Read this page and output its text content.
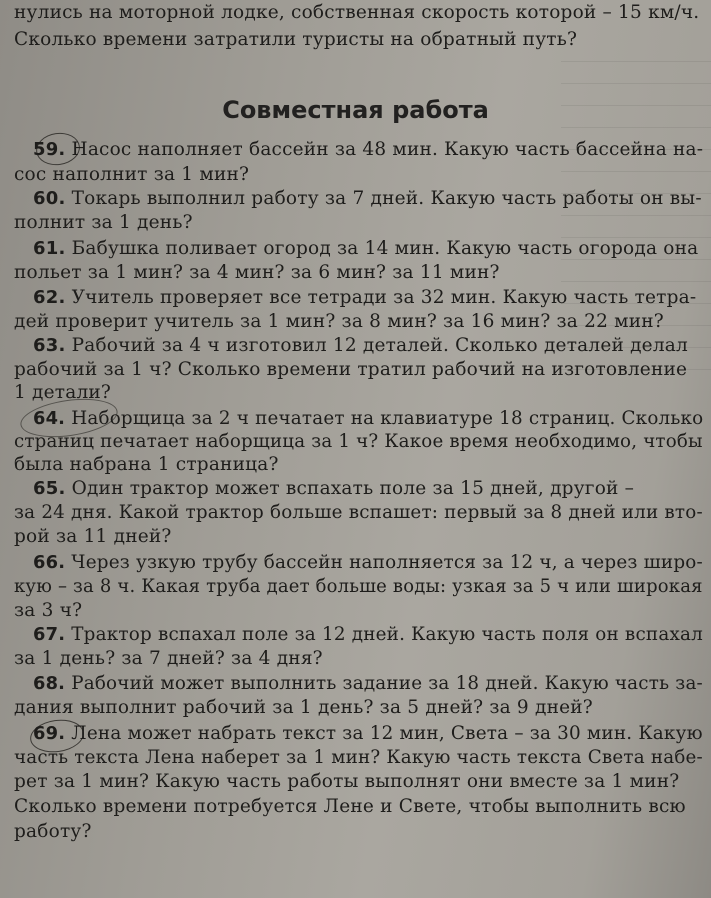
нулись на моторной лодке, собственная скорость которой – 15 км/ч.
Сколько времени затратили туристы на обратный путь?
Совместная работа
59. Насос наполняет бассейн за 48 мин. Какую часть бассейна на-
сос наполнит за 1 мин?
60. Токарь выполнил работу за 7 дней. Какую часть работы он вы-
полнит за 1 день?
61. Бабушка поливает огород за 14 мин. Какую часть огорода она
польет за 1 мин? за 4 мин? за 6 мин? за 11 мин?
62. Учитель проверяет все тетради за 32 мин. Какую часть тетра-
дей проверит учитель за 1 мин? за 8 мин? за 16 мин? за 22 мин?
63. Рабочий за 4 ч изготовил 12 деталей. Сколько деталей делал
рабочий за 1 ч? Сколько времени тратил рабочий на изготовление
1 детали?
64. Наборщица за 2 ч печатает на клавиатуре 18 страниц. Сколько
страниц печатает наборщица за 1 ч? Какое время необходимо, чтобы
была набрана 1 страница?
65. Один трактор может вспахать поле за 15 дней, другой –
за 24 дня. Какой трактор больше вспашет: первый за 8 дней или вто-
рой за 11 дней?
66. Через узкую трубу бассейн наполняется за 12 ч, а через широ-
кую – за 8 ч. Какая труба дает больше воды: узкая за 5 ч или широкая
за 3 ч?
67. Трактор вспахал поле за 12 дней. Какую часть поля он вспахал
за 1 день? за 7 дней? за 4 дня?
68. Рабочий может выполнить задание за 18 дней. Какую часть за-
дания выполнит рабочий за 1 день? за 5 дней? за 9 дней?
69. Лена может набрать текст за 12 мин, Света – за 30 мин. Какую
часть текста Лена наберет за 1 мин? Какую часть текста Света набе-
рет за 1 мин? Какую часть работы выполнят они вместе за 1 мин?
Сколько времени потребуется Лене и Свете, чтобы выполнить всю
работу?
